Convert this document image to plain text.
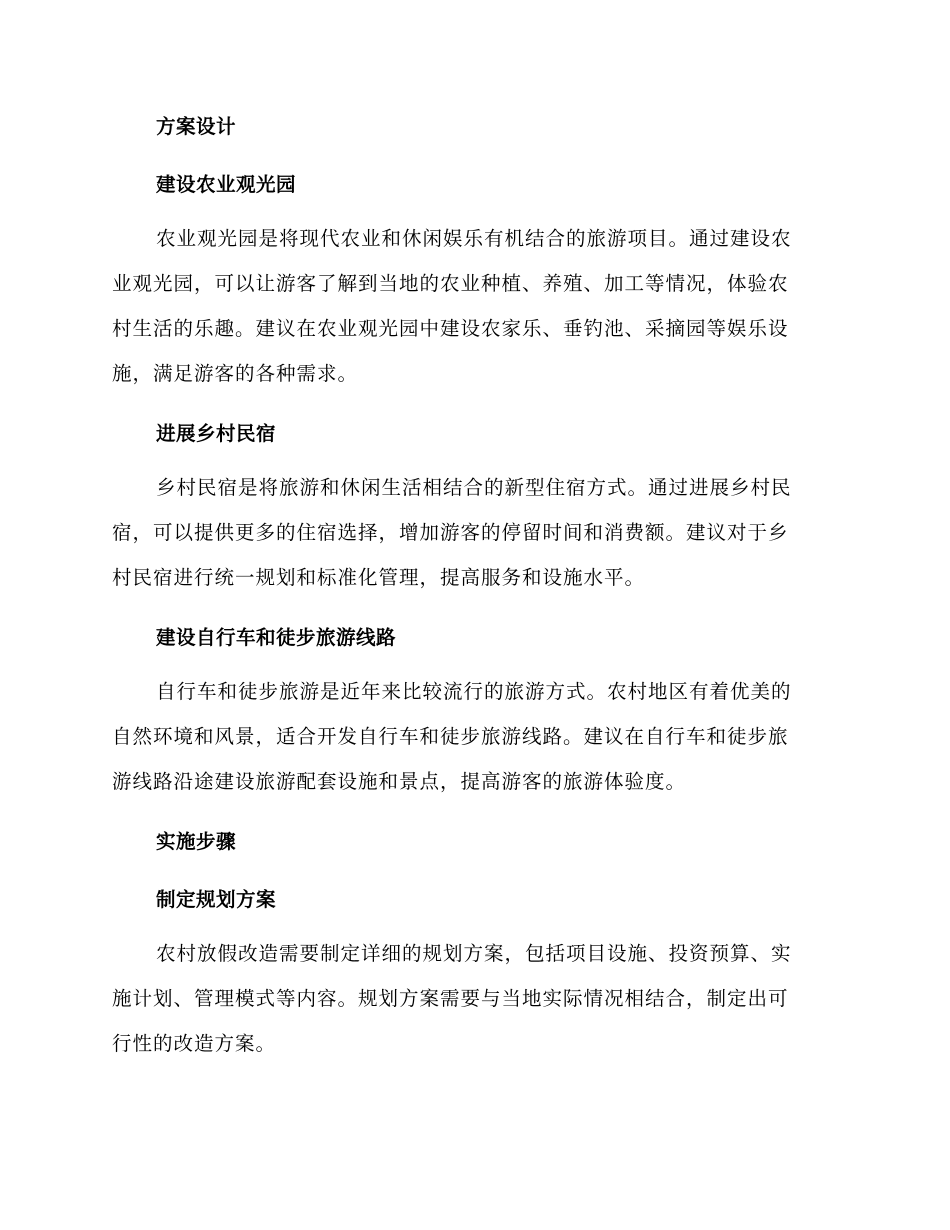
方案设计
建设农业观光园

农业观光园是将现代农业和休闲娱乐有机结合的旅游项目。通过建设农
业观光园，可以让游客了解到当地的农业种植、养殖、加工等情况，体验农
村生活的乐趣。建议在农业观光园中建设农家乐、垂钓池、采摘园等娱乐设
施，满足游客的各种需求。

进展乡村民宿

乡村民宿是将旅游和休闲生活相结合的新型住宿方式。通过进展乡村民
宿，可以提供更多的住宿选择，增加游客的停留时间和消费额。建议对于乡
村民宿进行统一规划和标准化管理，提高服务和设施水平。

建设自行车和徒步旅游线路

自行车和徒步旅游是近年来比较流行的旅游方式。农村地区有着优美的
自然环境和风景，适合开发自行车和徒步旅游线路。建议在自行车和徒步旅
游线路沿途建设旅游配套设施和景点，提高游客的旅游体验度。

实施步骤
制定规划方案

农村放假改造需要制定详细的规划方案，包括项目设施、投资预算、实
施计划、管理模式等内容。规划方案需要与当地实际情况相结合，制定出可
行性的改造方案。
